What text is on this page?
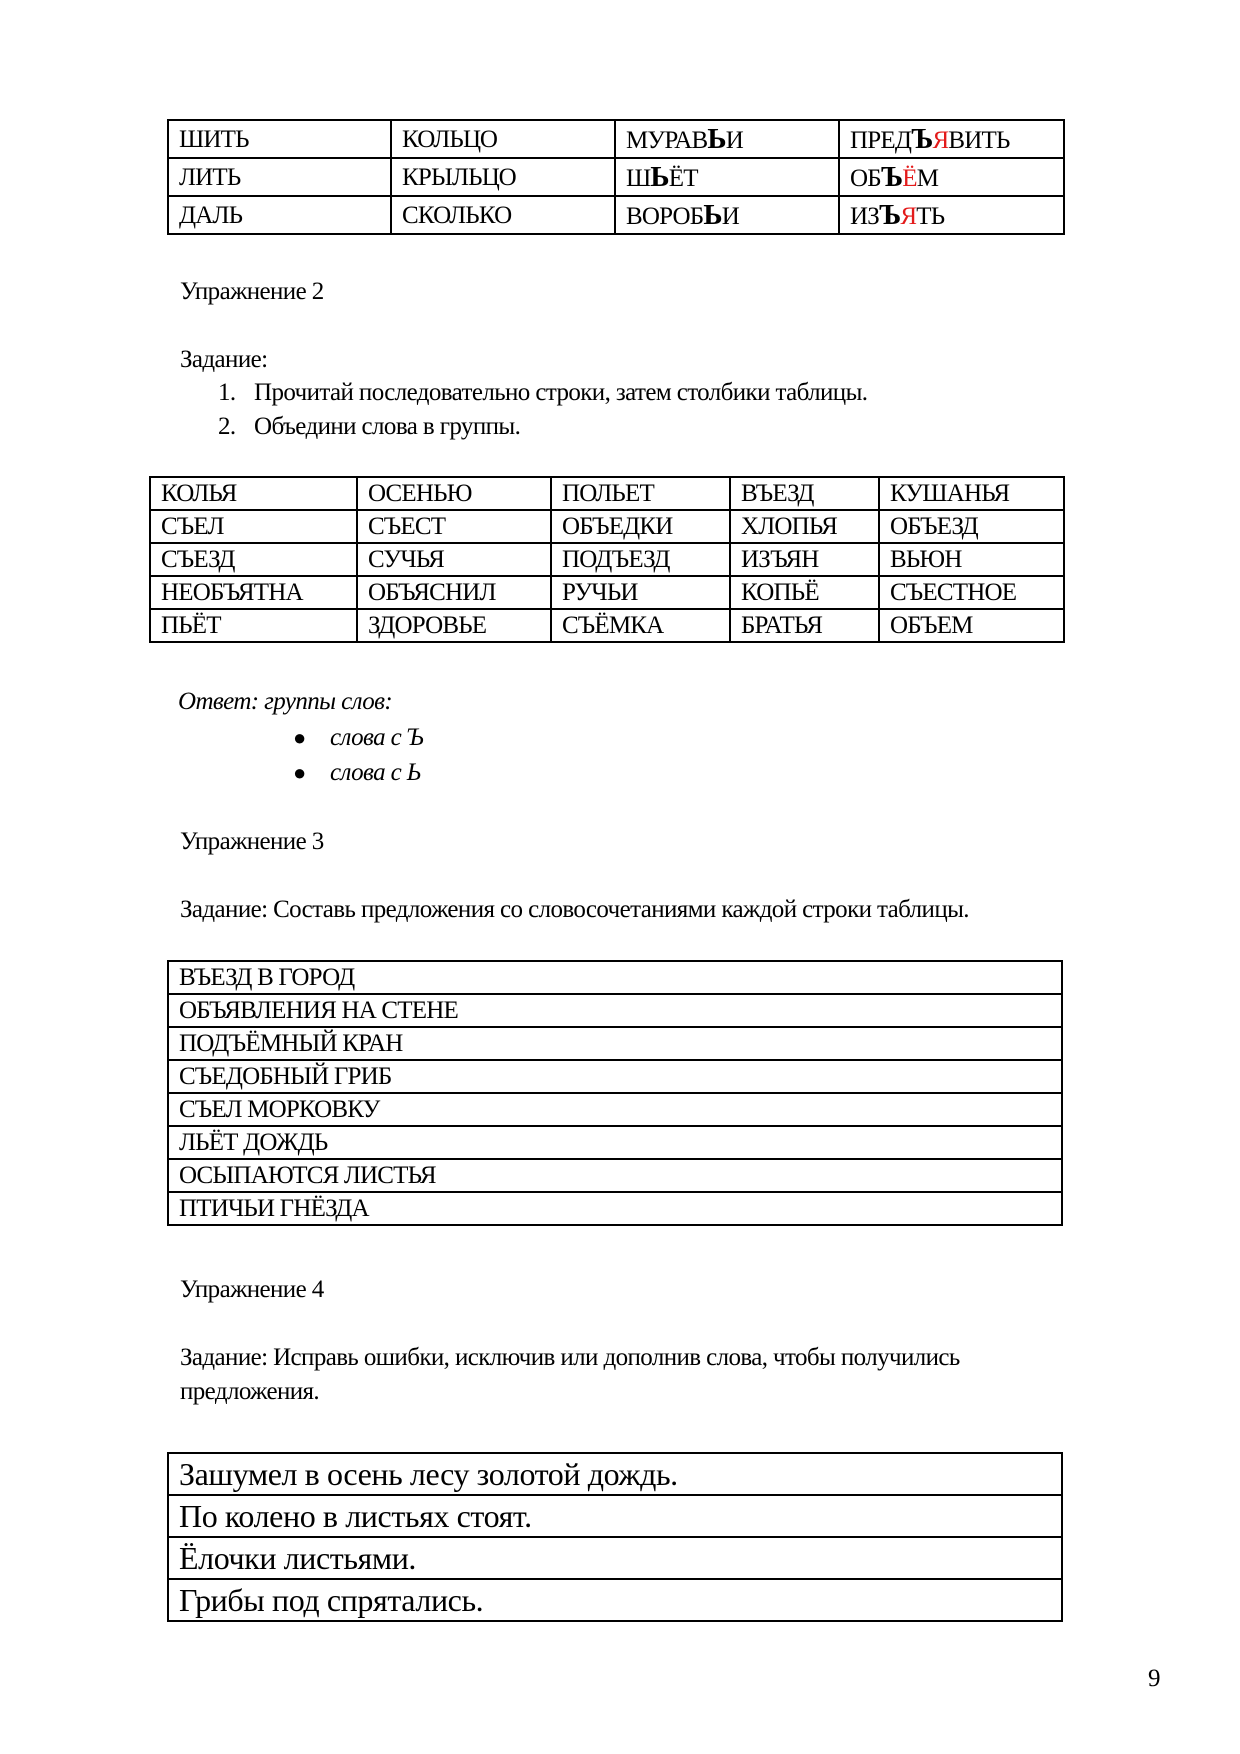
ШИТЬ	КОЛЬЦО	МУРАВЬИ	ПРЕДЪЯВИТЬ
ЛИТЬ	КРЫЛЬЦО	ШЬЁТ	ОБЪЁМ
ДАЛЬ	СКОЛЬКО	ВОРОБЬИ	ИЗЪЯТЬ
Упражнение 2
Задание:
1. Прочитай последовательно строки, затем столбики таблицы.
2. Объедини слова в группы.
КОЛЬЯ	ОСЕНЬЮ	ПОЛЬЕТ	ВЪЕЗД	КУШАНЬЯ
СЪЕЛ	СЪЕСТ	ОБЪЕДКИ	ХЛОПЬЯ	ОБЪЕЗД
СЪЕЗД	СУЧЬЯ	ПОДЪЕЗД	ИЗЪЯН	ВЬЮН
НЕОБЪЯТНА	ОБЪЯСНИЛ	РУЧЬИ	КОПЬЁ	СЪЕСТНОЕ
ПЬЁТ	ЗДОРОВЬЕ	СЪЁМКА	БРАТЬЯ	ОБЪЕМ
Ответ: группы слов:
● слова с Ъ
● слова с Ь
Упражнение 3
Задание: Составь предложения со словосочетаниями каждой строки таблицы.
ВЪЕЗД В ГОРОД
ОБЪЯВЛЕНИЯ НА СТЕНЕ
ПОДЪЁМНЫЙ КРАН
СЪЕДОБНЫЙ ГРИБ
СЪЕЛ МОРКОВКУ
ЛЬЁТ ДОЖДЬ
ОСЫПАЮТСЯ ЛИСТЬЯ
ПТИЧЬИ ГНЁЗДА
Упражнение 4
Задание: Исправь ошибки, исключив или дополнив слова, чтобы получились
предложения.
Зашумел в осень лесу золотой дождь.
По колено в листьях стоят.
Ёлочки листьями.
Грибы под спрятались.
9
